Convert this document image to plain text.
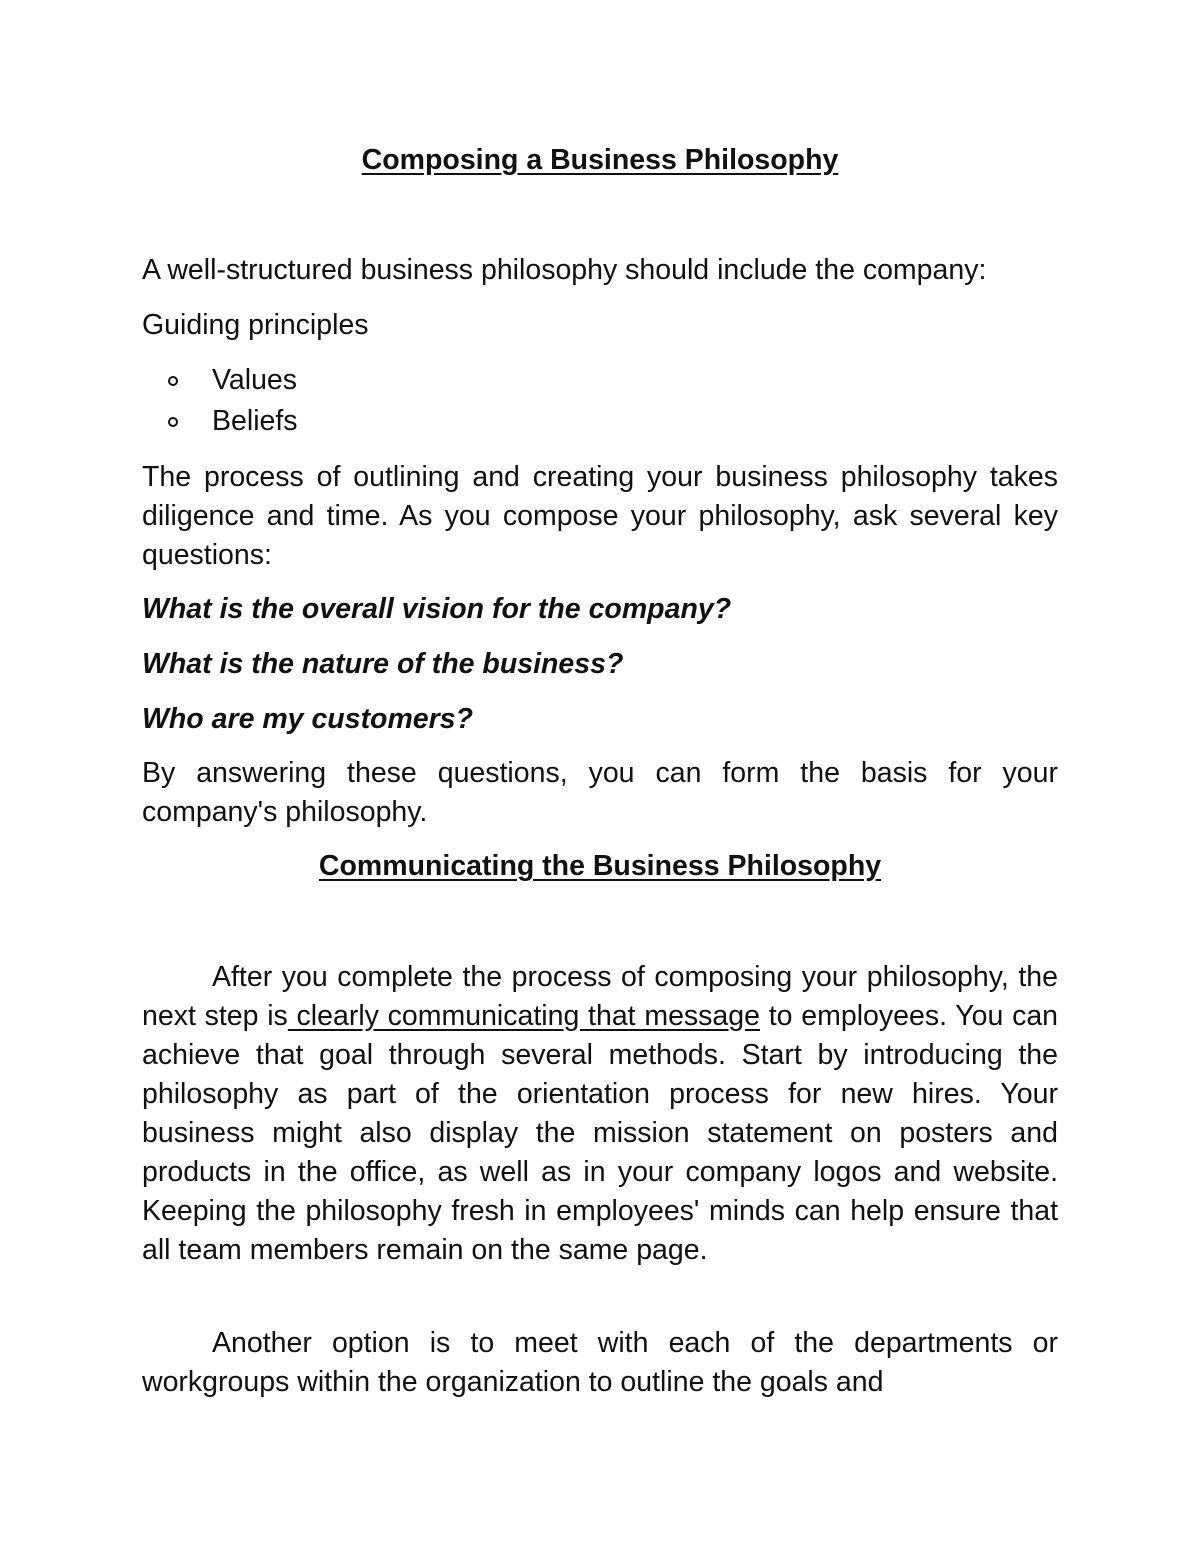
Composing a Business Philosophy

A well-structured business philosophy should include the company:

Guiding principles

Values
Beliefs

The process of outlining and creating your business philosophy takes diligence and time. As you compose your philosophy, ask several key questions:

What is the overall vision for the company?

What is the nature of the business?

Who are my customers?

By answering these questions, you can form the basis for your company's philosophy.

Communicating the Business Philosophy

After you complete the process of composing your philosophy, the next step is clearly communicating that message to employees. You can achieve that goal through several methods. Start by introducing the philosophy as part of the orientation process for new hires. Your business might also display the mission statement on posters and products in the office, as well as in your company logos and website. Keeping the philosophy fresh in employees' minds can help ensure that all team members remain on the same page.

Another option is to meet with each of the departments or workgroups within the organization to outline the goals and
